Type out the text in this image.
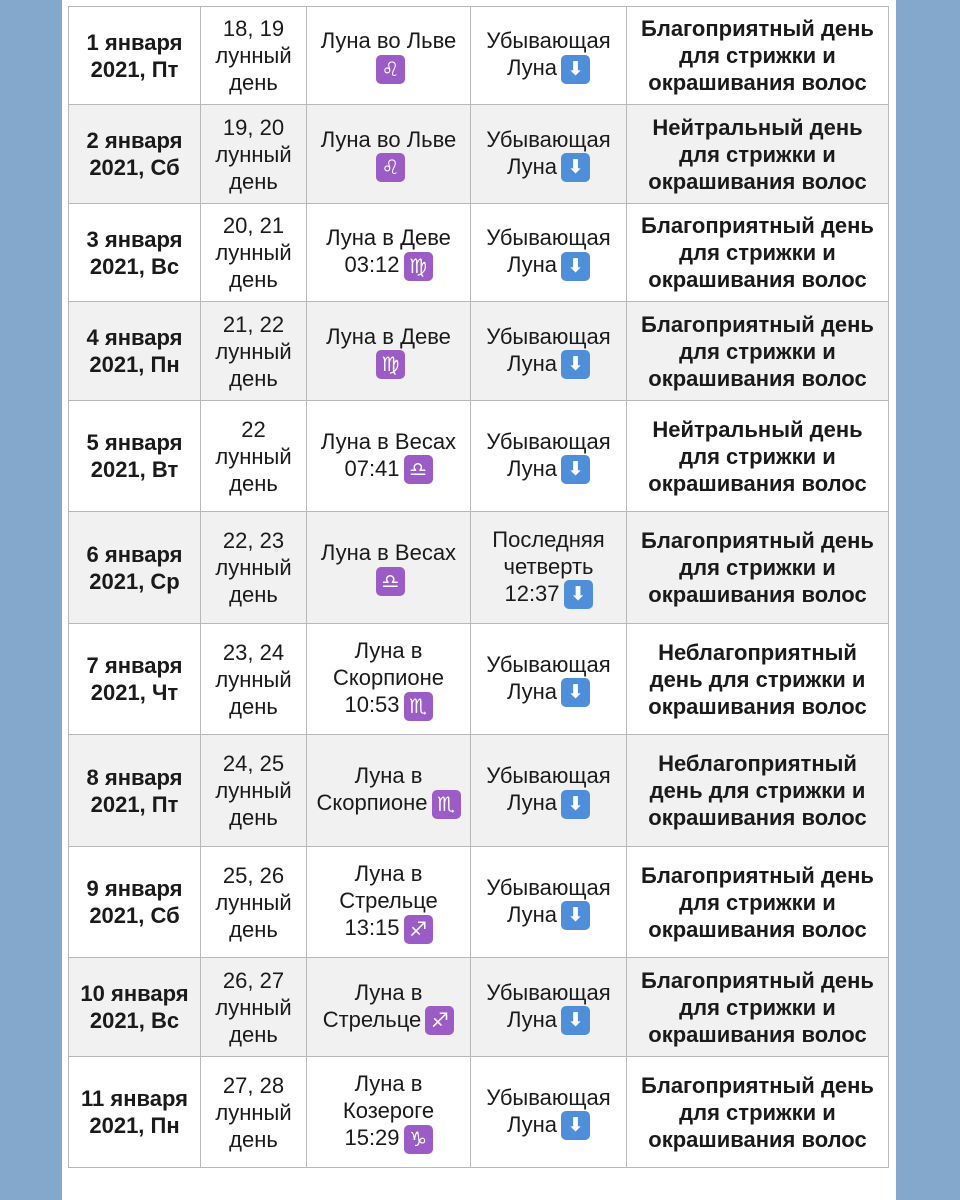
1 января 2021, Пт	18, 19 лунный день	Луна во Льве♌	Убывающая Луна ⬇	Благоприятный день для стрижки и окрашивания волос
2 января 2021, Сб	19, 20 лунный день	Луна во Льве♌	Убывающая Луна ⬇	Нейтральный день для стрижки и окрашивания волос
3 января 2021, Вс	20, 21 лунный день	Луна в Деве 03:12 ♍	Убывающая Луна ⬇	Благоприятный день для стрижки и окрашивания волос
4 января 2021, Пн	21, 22 лунный день	Луна в Деве♍	Убывающая Луна ⬇	Благоприятный день для стрижки и окрашивания волос
5 января 2021, Вт	22 лунный день	Луна в Весах 07:41 ♎	Убывающая Луна ⬇	Нейтральный день для стрижки и окрашивания волос
6 января 2021, Ср	22, 23 лунный день	Луна в Весах♎	Последняя четверть 12:37 ⬇	Благоприятный день для стрижки и окрашивания волос
7 января 2021, Чт	23, 24 лунный день	Луна в Скорпионе 10:53 ♏	Убывающая Луна ⬇	Неблагоприятный день для стрижки и окрашивания волос
8 января 2021, Пт	24, 25 лунный день	Луна в Скорпионе ♏	Убывающая Луна ⬇	Неблагоприятный день для стрижки и окрашивания волос
9 января 2021, Сб	25, 26 лунный день	Луна в Стрельце 13:15 ♐	Убывающая Луна ⬇	Благоприятный день для стрижки и окрашивания волос
10 января 2021, Вс	26, 27 лунный день	Луна в Стрельце ♐	Убывающая Луна ⬇	Благоприятный день для стрижки и окрашивания волос
11 января 2021, Пн	27, 28 лунный день	Луна в Козероге 15:29 ♑	Убывающая Луна ⬇	Благоприятный день для стрижки и окрашивания волос
